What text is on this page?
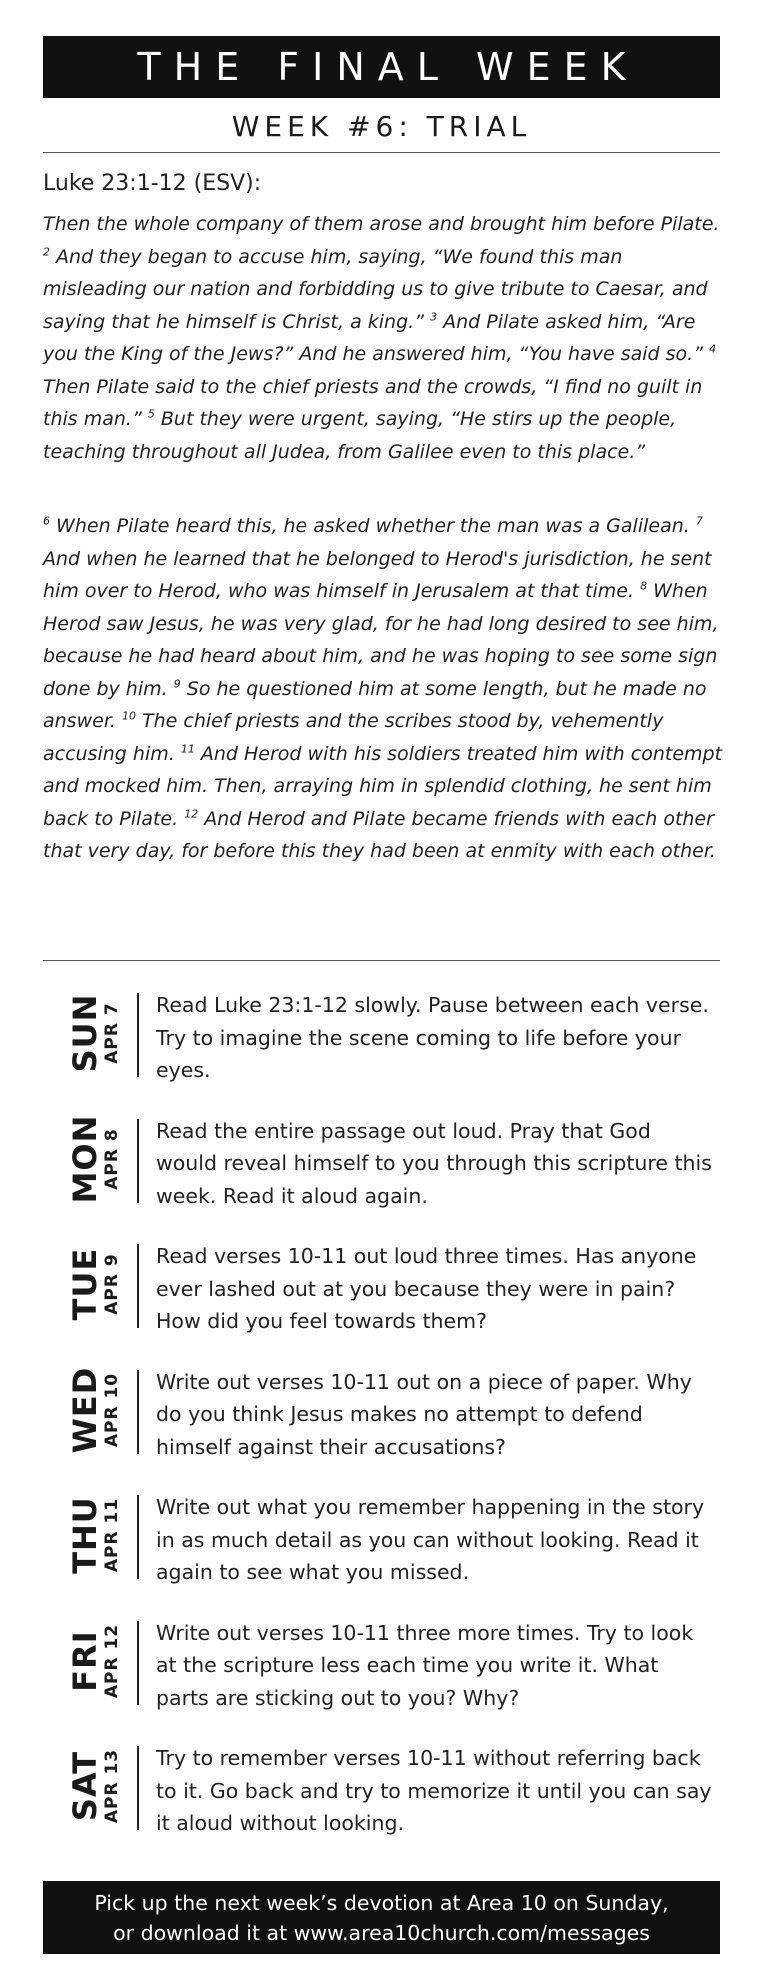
THE FINAL WEEK
WEEK #6: TRIAL
Luke 23:1-12 (ESV):

Then the whole company of them arose and brought him before Pilate. $^2$ And they began to accuse him, saying, “We found this man misleading our nation and forbidding us to give tribute to Caesar, and saying that he himself is Christ, a king.” $^3$ And Pilate asked him, “Are you the King of the Jews?” And he answered him, “You have said so.” $^4$ Then Pilate said to the chief priests and the crowds, “I find no guilt in this man.” $^5$ But they were urgent, saying, “He stirs up the people, teaching throughout all Judea, from Galilee even to this place.”

$^6$ When Pilate heard this, he asked whether the man was a Galilean. $^7$ And when he learned that he belonged to Herod's jurisdiction, he sent him over to Herod, who was himself in Jerusalem at that time. $^8$ When Herod saw Jesus, he was very glad, for he had long desired to see him, because he had heard about him, and he was hoping to see some sign done by him. $^9$ So he questioned him at some length, but he made no answer. $^{10}$ The chief priests and the scribes stood by, vehemently accusing him. $^{11}$ And Herod with his soldiers treated him with contempt and mocked him. Then, arraying him in splendid clothing, he sent him back to Pilate. $^{12}$ And Herod and Pilate became friends with each other that very day, for before this they had been at enmity with each other.

SUN
APR 7 Read Luke 23:1-12 slowly. Pause between each verse. Try to imagine the scene coming to life before your eyes.
MON
APR 8 Read the entire passage out loud. Pray that God would reveal himself to you through this scripture this week. Read it aloud again.
TUE
APR 9 Read verses 10-11 out loud three times. Has anyone ever lashed out at you because they were in pain? How did you feel towards them?
WED
APR 10 Write out verses 10-11 out on a piece of paper. Why do you think Jesus makes no attempt to defend himself against their accusations?
THU
APR 11 Write out what you remember happening in the story in as much detail as you can without looking. Read it again to see what you missed.
FRI
APR 12 Write out verses 10-11 three more times. Try to look at the scripture less each time you write it. What parts are sticking out to you? Why?
SAT
APR 13 Try to remember verses 10-11 without referring back to it. Go back and try to memorize it until you can say it aloud without looking.
Pick up the next week’s devotion at Area 10 on Sunday,
or download it at www.area10church.com/messages
